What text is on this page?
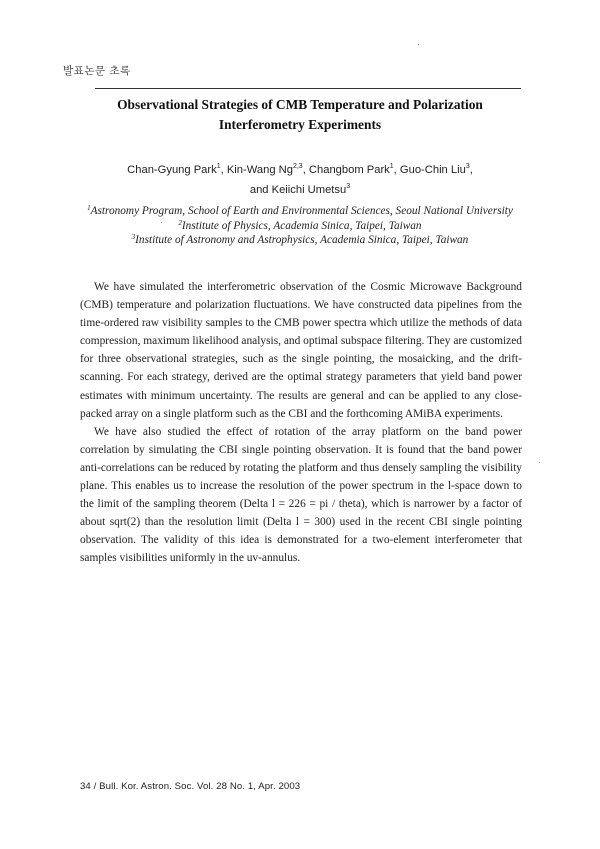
발표논문 초록
Observational Strategies of CMB Temperature and Polarization
Interferometry Experiments
Chan-Gyung Park$^1$, Kin-Wang Ng$^{2,3}$, Changbom Park$^1$, Guo-Chin Liu$^3$,
and Keiichi Umetsu$^3$
$^1$Astronomy Program, School of Earth and Environmental Sciences, Seoul National University
$^2$Institute of Physics, Academia Sinica, Taipei, Taiwan
$^3$Institute of Astronomy and Astrophysics, Academia Sinica, Taipei, Taiwan

We have simulated the interferometric observation of the Cosmic Microwave Background (CMB) temperature and polarization fluctuations. We have constructed data pipelines from the time-ordered raw visibility samples to the CMB power spectra which utilize the methods of data compression, maximum likelihood analysis, and optimal subspace filtering. They are customized for three observational strategies, such as the single pointing, the mosaicking, and the drift-scanning. For each strategy, derived are the optimal strategy parameters that yield band power estimates with minimum uncertainty. The results are general and can be applied to any close-packed array on a single platform such as the CBI and the forthcoming AMiBA experiments.

We have also studied the effect of rotation of the array platform on the band power correlation by simulating the CBI single pointing observation. It is found that the band power anti-correlations can be reduced by rotating the platform and thus densely sampling the visibility plane. This enables us to increase the resolution of the power spectrum in the l-space down to the limit of the sampling theorem (Delta l = 226 = pi / theta), which is narrower by a factor of about sqrt(2) than the resolution limit (Delta l = 300) used in the recent CBI single pointing observation. The validity of this idea is demonstrated for a two-element interferometer that samples visibilities uniformly in the uv-annulus.

34 / Bull. Kor. Astron. Soc. Vol. 28 No. 1, Apr. 2003
